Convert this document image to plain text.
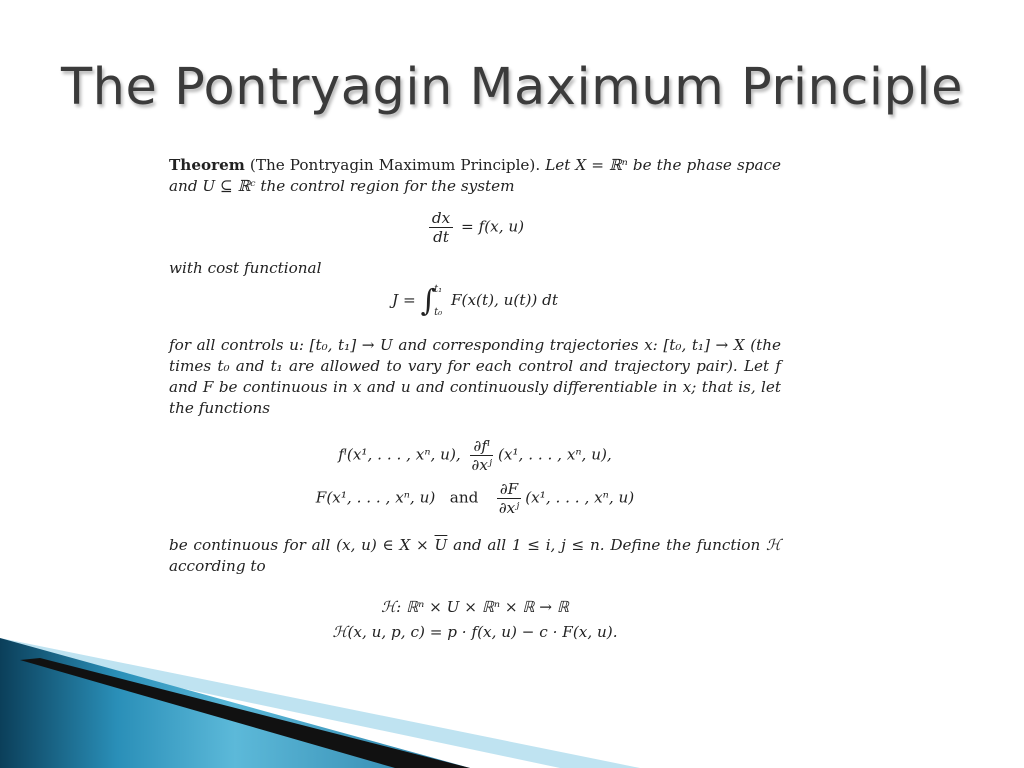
The Pontryagin Maximum Principle

Theorem (The Pontryagin Maximum Principle). Let X = ℝⁿ be the phase space and U ⊆ ℝᶜ the control region for the system

$\frac{dx}{dt} = f(x$, u)

with cost functional

J = ∫
t₁
t₀
F(x(t), u(t)) dt

for all controls u: [t₀, t₁] → U and corresponding trajectories x: [t₀, t₁] → X (the times t₀ and t₁ are allowed to vary for each control and trajectory pair). Let f and F be continuous in x and u and continuously differentiable in x; that is, let the functions

fⁱ(x¹, . . . , xⁿ, u), $\frac{\text{∂fⁱ}}{\text{∂xʲ}} (x^1$, . . . , xⁿ, u),
F(x¹, . . . , xⁿ, u) and $\frac{\partial F}{\text{∂xʲ}} (x^1$, . . . , xⁿ, u)

be continuous for all (x, u) ∈ $X \times \overline{U}$ and all 1 ≤ i, j ≤ n. Define the function ℋ according to

ℋ: ℝⁿ × U × ℝⁿ × ℝ → ℝ
ℋ(x, u, p, c) = p · f(x, u) − c · F(x, u).
